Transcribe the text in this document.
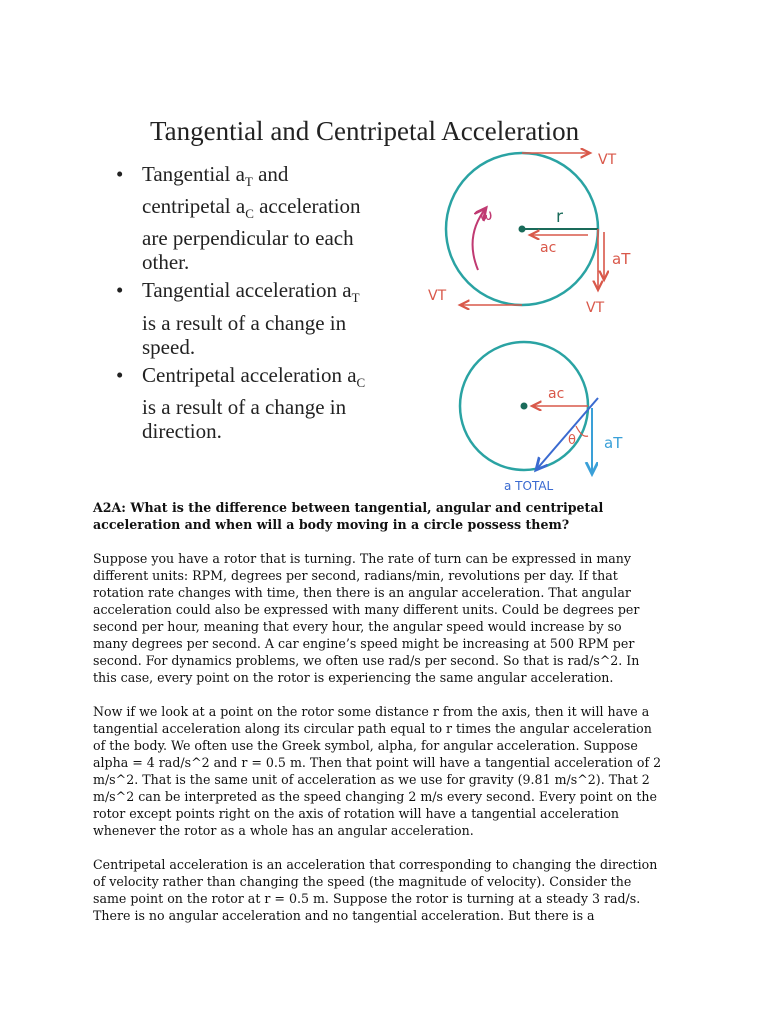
Tangential and Centripetal Acceleration
• Tangential $a_T$ and centripetal $a_C$ acceleration are perpendicular to each other.
• Tangential acceleration $a_T$ is a result of a change in speed.
• Centripetal acceleration $a_C$ is a result of a change in direction.
VT
ω	r
ac
aT
VT
VT
ac
θ aT
a TOTAL

A2A: What is the difference between tangential, angular and centripetal acceleration and when will a body moving in a circle possess them?

Suppose you have a rotor that is turning. The rate of turn can be expressed in many
different units: RPM, degrees per second, radians/min, revolutions per day. If that
rotation rate changes with time, then there is an angular acceleration. That angular
acceleration could also be expressed with many different units. Could be degrees per
second per hour, meaning that every hour, the angular speed would increase by so
many degrees per second. A car engine’s speed might be increasing at 500 RPM per
second. For dynamics problems, we often use rad/s per second. So that is rad/s^2. In
this case, every point on the rotor is experiencing the same angular acceleration.

Now if we look at a point on the rotor some distance r from the axis, then it will have a
tangential acceleration along its circular path equal to r times the angular acceleration
of the body. We often use the Greek symbol, alpha, for angular acceleration. Suppose
alpha = 4 rad/s^2 and r = 0.5 m. Then that point will have a tangential acceleration of 2
m/s^2. That is the same unit of acceleration as we use for gravity (9.81 m/s^2). That 2
m/s^2 can be interpreted as the speed changing 2 m/s every second. Every point on the
rotor except points right on the axis of rotation will have a tangential acceleration
whenever the rotor as a whole has an angular acceleration.

Centripetal acceleration is an acceleration that corresponding to changing the direction
of velocity rather than changing the speed (the magnitude of velocity). Consider the
same point on the rotor at r = 0.5 m. Suppose the rotor is turning at a steady 3 rad/s.
There is no angular acceleration and no tangential acceleration. But there is a
